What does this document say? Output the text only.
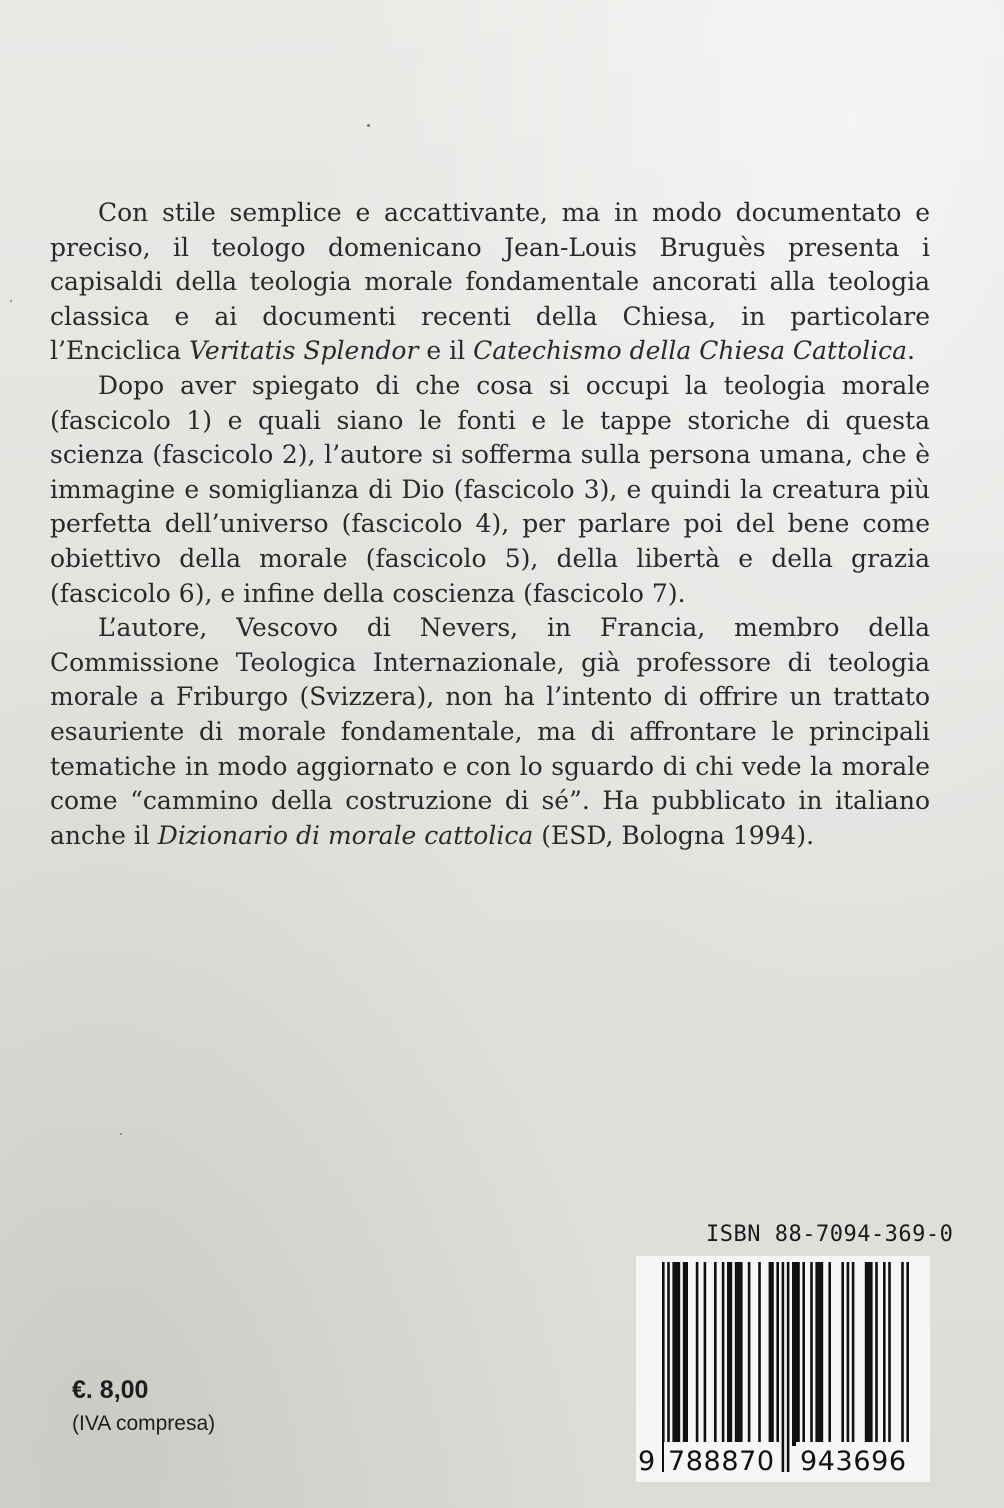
Con stile semplice e accattivante, ma in modo documentato e preciso, il teologo domenicano Jean-Louis Bruguès presenta i capisaldi della teologia morale fondamentale ancorati alla teologia classica e ai documenti recenti della Chiesa, in particolare l’Enciclica Veritatis Splendor e il Catechismo della Chiesa Cattolica.

Dopo aver spiegato di che cosa si occupi la teologia morale (fascicolo 1) e quali siano le fonti e le tappe storiche di questa scienza (fascicolo 2), l’autore si sofferma sulla persona umana, che è immagine e somiglianza di Dio (fascicolo 3), e quindi la creatura più perfetta dell’universo (fascicolo 4), per parlare poi del bene come obiettivo della morale (fascicolo 5), della libertà e della grazia (fascicolo 6), e infine della coscienza (fascicolo 7).

L’autore, Vescovo di Nevers, in Francia, membro della Commissione Teologica Internazionale, già professore di teologia morale a Friburgo (Svizzera), non ha l’intento di offrire un trattato esauriente di morale fondamentale, ma di affrontare le principali tematiche in modo aggiornato e con lo sguardo di chi vede la morale come “cammino della costruzione di sé”. Ha pubblicato in italiano anche il Dizionario di morale cattolica (ESD, Bologna 1994).

ISBN 88-7094-369-0
9 788870 943696
€. 8,00
(IVA compresa)
